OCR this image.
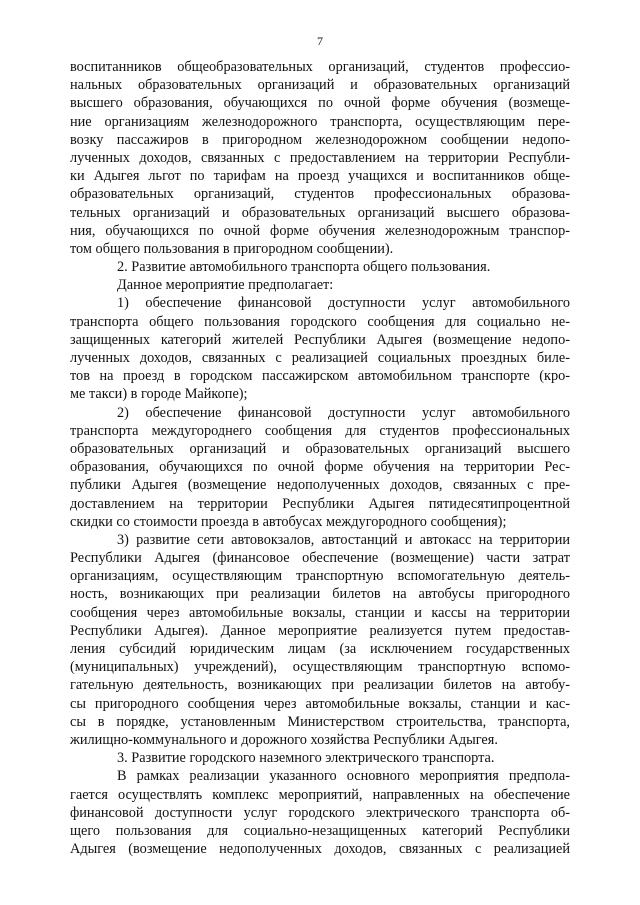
7
воспитанников общеобразовательных организаций, студентов профессио-
нальных образовательных организаций и образовательных организаций
высшего образования, обучающихся по очной форме обучения (возмеще-
ние организациям железнодорожного транспорта, осуществляющим пере-
возку пассажиров в пригородном железнодорожном сообщении недопо-
лученных доходов, связанных с предоставлением на территории Республи-
ки Адыгея льгот по тарифам на проезд учащихся и воспитанников обще-
образовательных организаций, студентов профессиональных образова-
тельных организаций и образовательных организаций высшего образова-
ния, обучающихся по очной форме обучения железнодорожным транспор-
том общего пользования в пригородном сообщении).
2. Развитие автомобильного транспорта общего пользования.
Данное мероприятие предполагает:
1) обеспечение финансовой доступности услуг автомобильного
транспорта общего пользования городского сообщения для социально не-
защищенных категорий жителей Республики Адыгея (возмещение недопо-
лученных доходов, связанных с реализацией социальных проездных биле-
тов на проезд в городском пассажирском автомобильном транспорте (кро-
ме такси) в городе Майкопе);
2) обеспечение финансовой доступности услуг автомобильного
транспорта междугороднего сообщения для студентов профессиональных
образовательных организаций и образовательных организаций высшего
образования, обучающихся по очной форме обучения на территории Рес-
публики Адыгея (возмещение недополученных доходов, связанных с пре-
доставлением на территории Республики Адыгея пятидесятипроцентной
скидки со стоимости проезда в автобусах междугородного сообщения);
3) развитие сети автовокзалов, автостанций и автокасс на территории
Республики Адыгея (финансовое обеспечение (возмещение) части затрат
организациям, осуществляющим транспортную вспомогательную деятель-
ность, возникающих при реализации билетов на автобусы пригородного
сообщения через автомобильные вокзалы, станции и кассы на территории
Республики Адыгея). Данное мероприятие реализуется путем предостав-
ления субсидий юридическим лицам (за исключением государственных
(муниципальных) учреждений), осуществляющим транспортную вспомо-
гательную деятельность, возникающих при реализации билетов на автобу-
сы пригородного сообщения через автомобильные вокзалы, станции и кас-
сы в порядке, установленным Министерством строительства, транспорта,
жилищно-коммунального и дорожного хозяйства Республики Адыгея.
3. Развитие городского наземного электрического транспорта.
В рамках реализации указанного основного мероприятия предпола-
гается осуществлять комплекс мероприятий, направленных на обеспечение
финансовой доступности услуг городского электрического транспорта об-
щего пользования для социально-незащищенных категорий Республики
Адыгея (возмещение недополученных доходов, связанных с реализацией
